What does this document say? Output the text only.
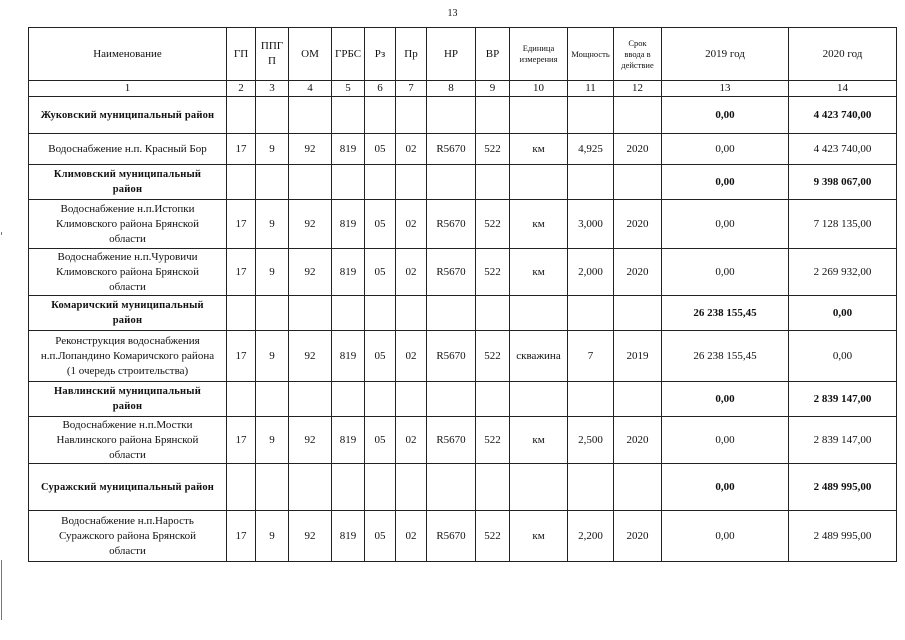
13
Наименование	ГП	ППГ
П	ОМ	ГРБС	Рз	Пр	НР	ВР	Единица
измерения	Мощность	Срок
ввода в
действие	2019 год	2020 год
1	2	3	4	5	6	7	8	9	10	11	12	13	14
Жуковский муниципальный район												0,00	4 423 740,00
Водоснабжение н.п. Красный Бор	17	9	92	819	05	02	R5670	522	км	4,925	2020	0,00	4 423 740,00
Климовский муниципальный
район												0,00	9 398 067,00
Водоснабжение н.п.Истопки
Климовского района Брянской
области	17	9	92	819	05	02	R5670	522	км	3,000	2020	0,00	7 128 135,00
Водоснабжение н.п.Чуровичи
Климовского района Брянской
области	17	9	92	819	05	02	R5670	522	км	2,000	2020	0,00	2 269 932,00
Комаричский муниципальный
район												26 238 155,45	0,00
Реконструкция водоснабжения
н.п.Лопандино Комаричского района
(1 очередь строительства)	17	9	92	819	05	02	R5670	522	скважина	7	2019	26 238 155,45	0,00
Навлинский муниципальный
район												0,00	2 839 147,00
Водоснабжение н.п.Мостки
Навлинского района Брянской
области	17	9	92	819	05	02	R5670	522	км	2,500	2020	0,00	2 839 147,00
Суражский муниципальный район												0,00	2 489 995,00
Водоснабжение н.п.Нарость
Суражского района Брянской
области	17	9	92	819	05	02	R5670	522	км	2,200	2020	0,00	2 489 995,00
